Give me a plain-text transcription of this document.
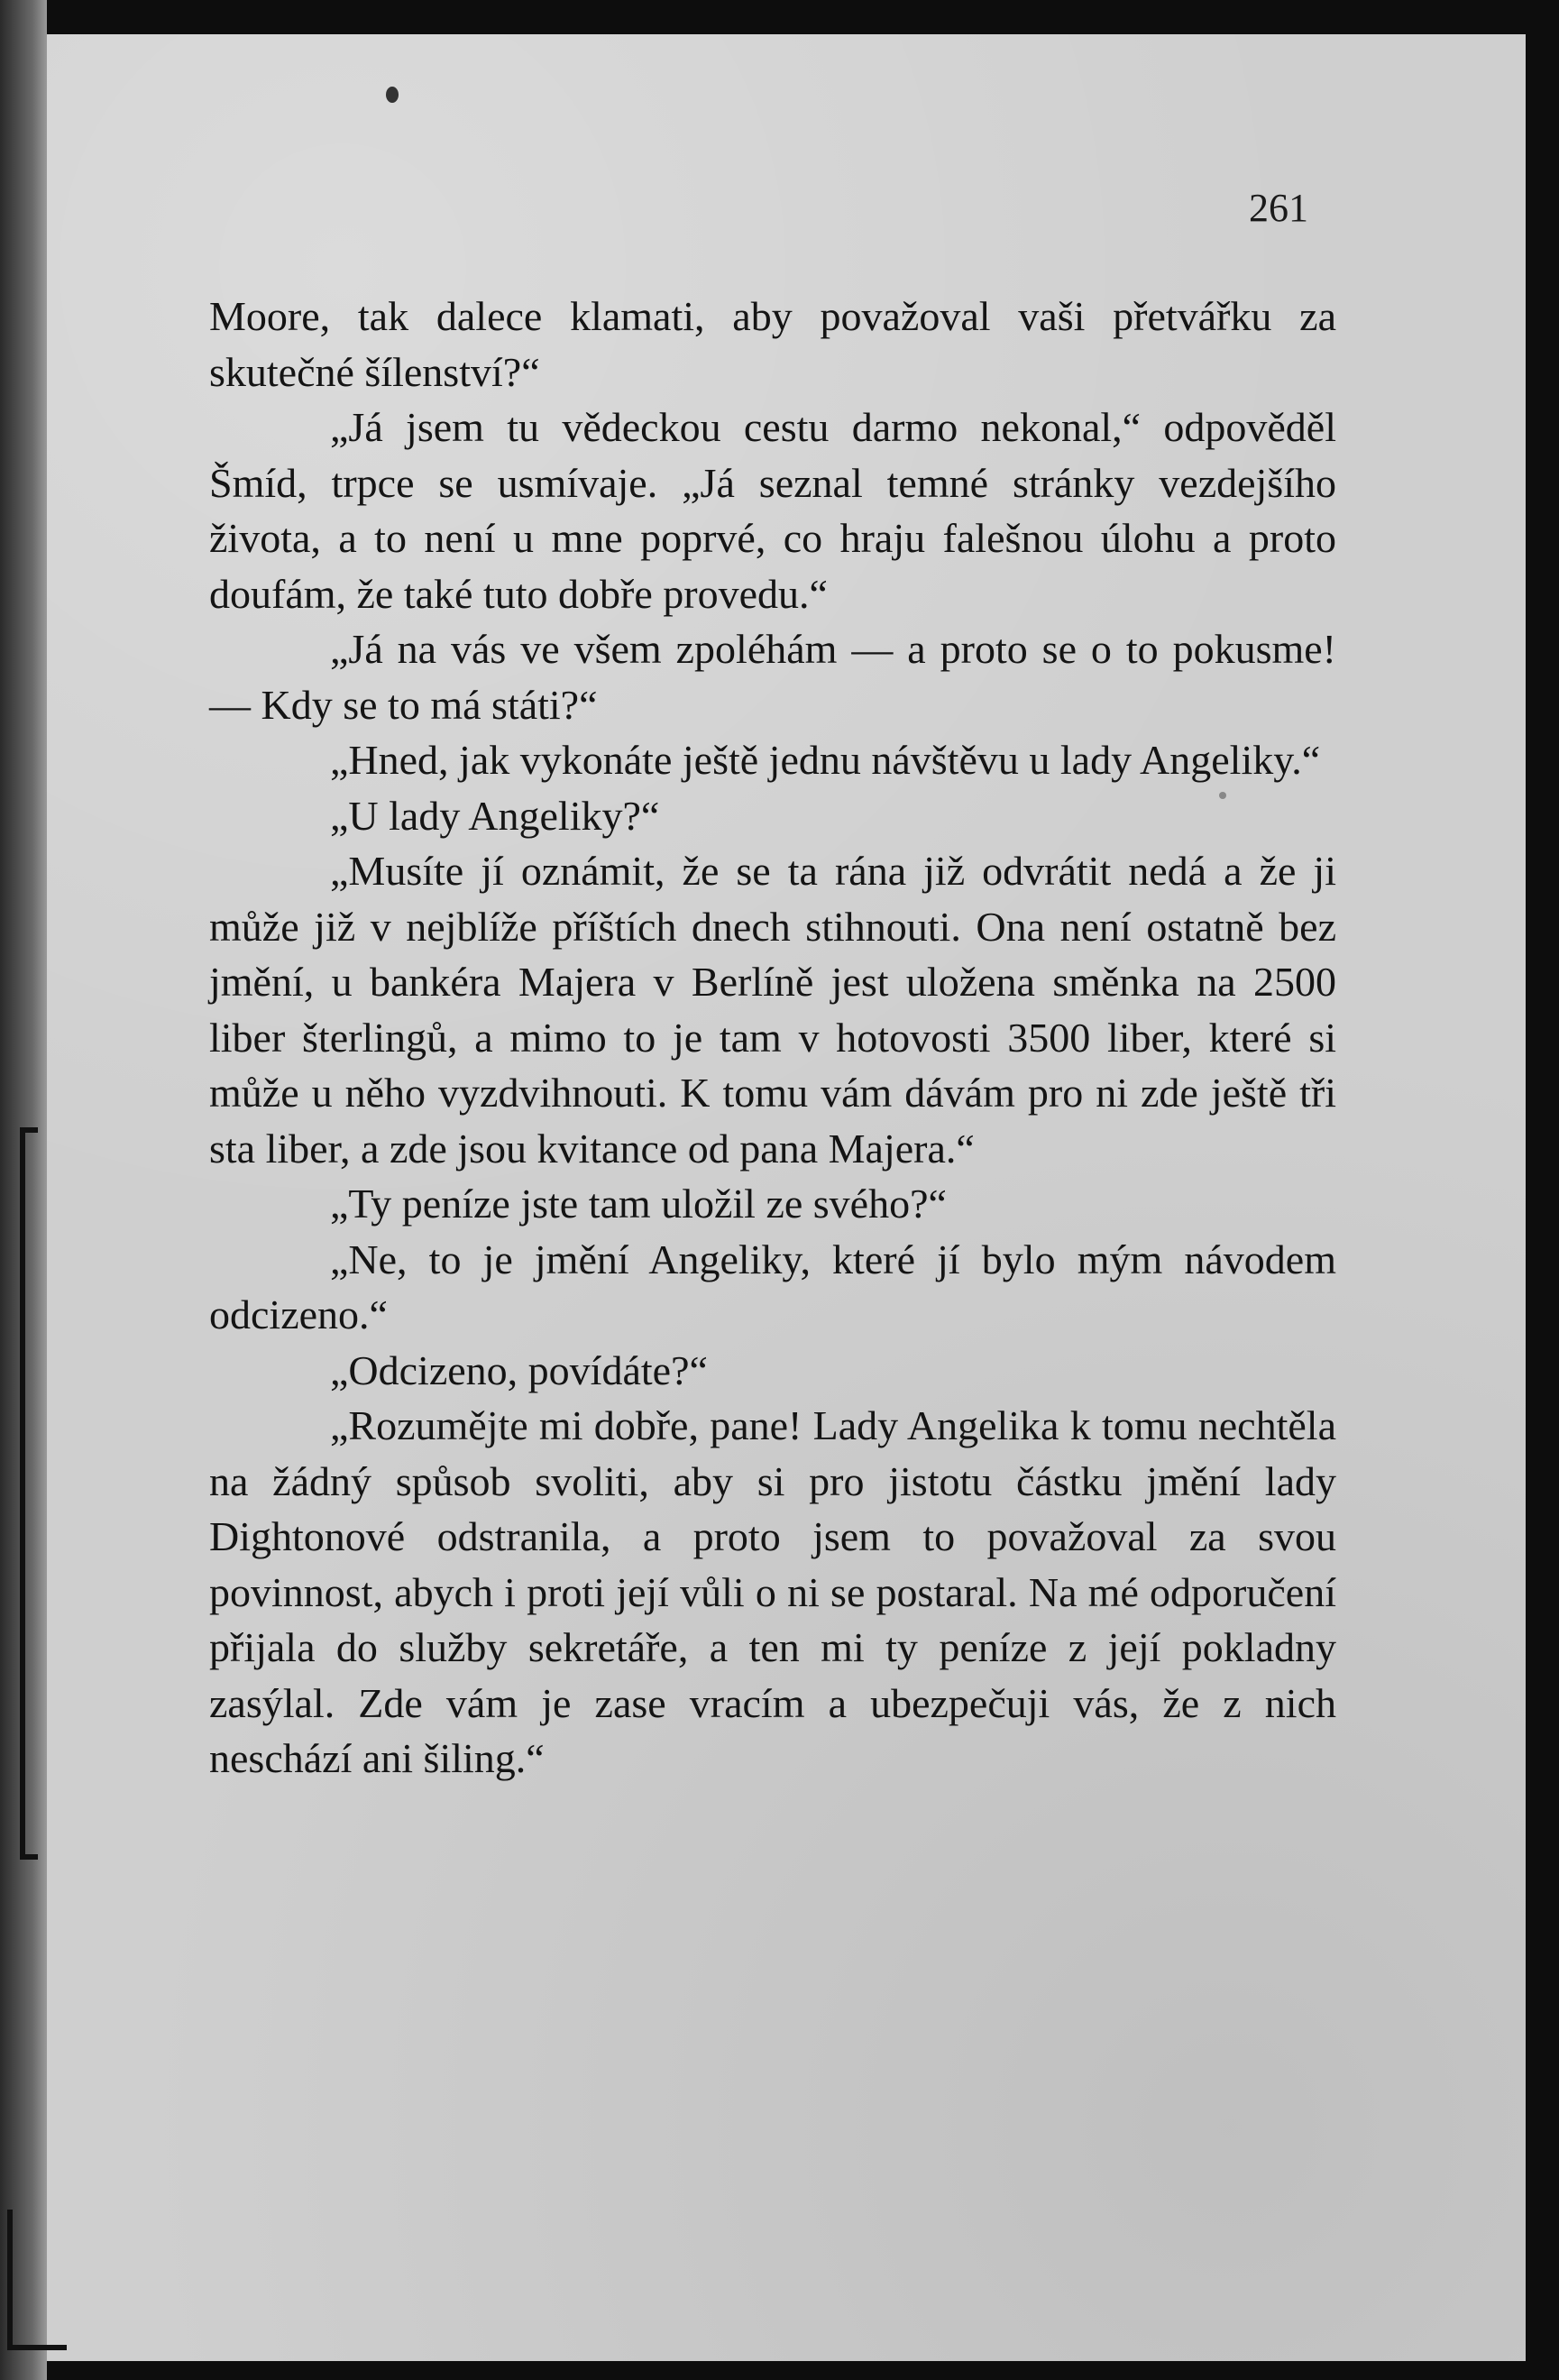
261

Moore, tak dalece klamati, aby považoval vaši přetvářku za skutečné šílenství?“

„Já jsem tu vědeckou cestu darmo nekonal,“ odpověděl Šmíd, trpce se usmívaje. „Já seznal temné stránky vezdejšího života, a to není u mne poprvé, co hraju falešnou úlohu a proto doufám, že také tuto dobře provedu.“

„Já na vás ve všem zpoléhám — a proto se o to pokusme! — Kdy se to má státi?“

„Hned, jak vykonáte ještě jednu návštěvu u lady Angeliky.“

„U lady Angeliky?“

„Musíte jí oznámit, že se ta rána již odvrátit nedá a že ji může již v nejblíže příštích dnech stihnouti. Ona není ostatně bez jmění, u bankéra Majera v Berlíně jest uložena směnka na 2500 liber šterlingů, a mimo to je tam v hotovosti 3500 liber, které si může u něho vyzdvihnouti. K tomu vám dávám pro ni zde ještě tři sta liber, a zde jsou kvitance od pana Majera.“

„Ty peníze jste tam uložil ze svého?“

„Ne, to je jmění Angeliky, které jí bylo mým návodem odcizeno.“

„Odcizeno, povídáte?“

„Rozumějte mi dobře, pane! Lady Angelika k tomu nechtěla na žádný spůsob svoliti, aby si pro jistotu částku jmění lady Dightonové odstranila, a proto jsem to považoval za svou povinnost, abych i proti její vůli o ni se postaral. Na mé odporučení přijala do služby sekretáře, a ten mi ty peníze z její pokladny zasýlal. Zde vám je zase vracím a ubezpečuji vás, že z nich neschází ani šiling.“
